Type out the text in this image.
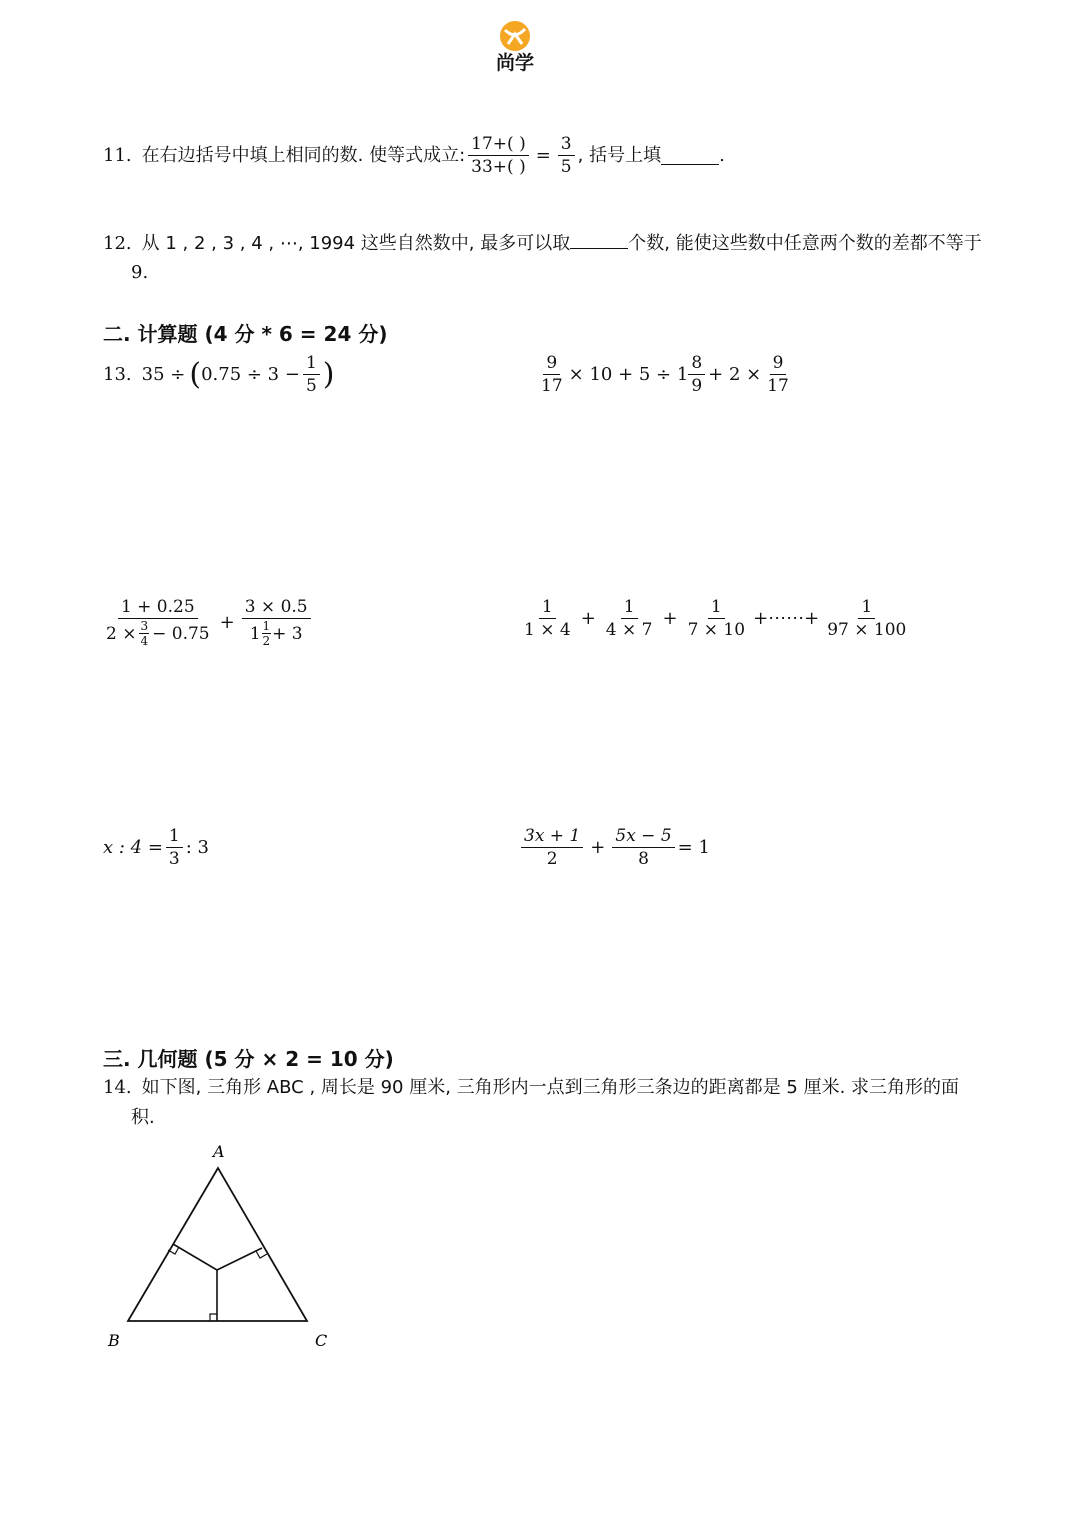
尚学
11. 在右边括号中填上相同的数. 使等式成立: $\frac{17+( )}{33+( )} = \frac{3}{5}$ , 括号上填	.
12. 从 1 , 2 , 3 , 4 , ⋯, 1994 这些自然数中, 最多可以取	个数, 能使这些数中任意两个数的差都不等于
9.
二. 计算题 (4 分 * 6 = 24 分)
13. 35 ÷ ( $0.75 \div 3 - \frac{1}{5}$ )	$\frac{9}{17} \times 10 + 5 \div 1 \frac{8}{9} + 2 \times \frac{9}{17}$
$\frac{1 + 0.25}{2 \times \frac{3}{4} - 0.75} + \frac{3 \times 0.5}{1 \frac{1}{2} + 3}$	$\frac{1}{1 \times 4} + \frac{1}{4 \times 7} + \frac{1}{7 \times 10}$ +⋯⋯+ $\frac{1}{97 \times 100}$
x : $4 = \frac{1}{3}$ : 3	$\frac{3x + 1}{2} + \frac{5x - 5}{8} = 1$
三. 几何题 (5 分 × 2 = 10 分)
14. 如下图, 三角形 ABC , 周长是 90 厘米, 三角形内一点到三角形三条边的距离都是 5 厘米. 求三角形的面
积.
A
B	C
